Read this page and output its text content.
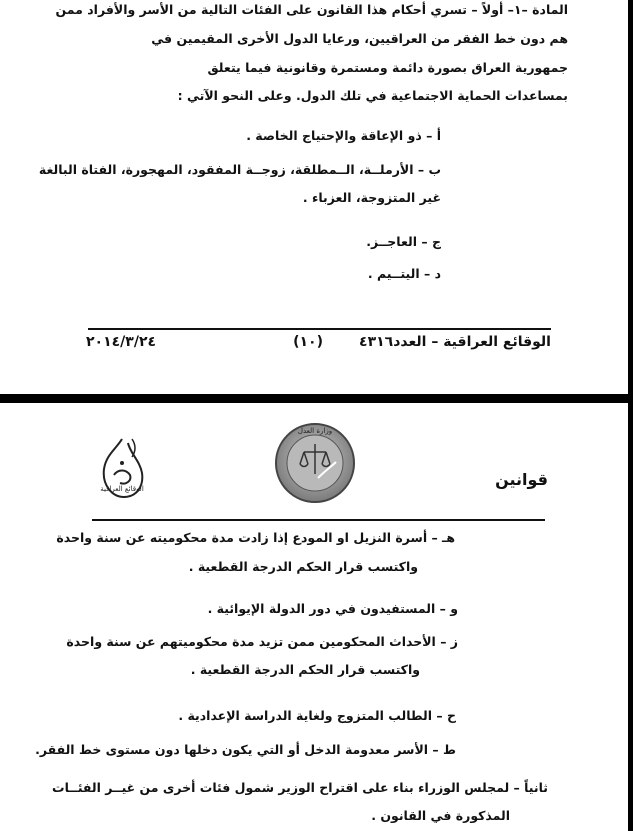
المادة –١– أولاً – تسري أحكام هذا القانون على الفئات التالية من الأسر والأفراد ممن
هم دون خط الفقر من العراقيين، ورعايا الدول الأخرى المقيمين في
جمهورية العراق بصورة دائمة ومستمرة وقانونية فيما يتعلق
بمساعدات الحماية الاجتماعية في تلك الدول. وعلى النحو الآتي :
أ – ذو الإعاقة والإحتياج الخاصة .
ب – الأرملــة، الــمطلقة، زوجــة المفقود، المهجورة، الفتاة البالغة
غير المتزوجة، العزباء .
ج – العاجــز.
د – اليتــيم .
الوقائع العراقية – العدد٤٣١٦
(١٠)
٢٠١٤/٣/٢٤
الوقائع العراقية
وزارة العدل
قوانين
هـ – أسرة النزيل او المودع إذا زادت مدة محكوميته عن سنة واحدة
واكتسب قرار الحكم الدرجة القطعية .
و – المستفيدون في دور الدولة الإيوائية .
ز – الأحداث المحكومين ممن تزيد مدة محكوميتهم عن سنة واحدة
واكتسب قرار الحكم الدرجة القطعية .
ح – الطالب المتزوج ولغاية الدراسة الإعدادية .
ط – الأسر معدومة الدخل أو التي يكون دخلها دون مستوى خط الفقر.
ثانياً – لمجلس الوزراء بناء على اقتراح الوزير شمول فئات أخرى من غيــر الفئــات
المذكورة في القانون .
